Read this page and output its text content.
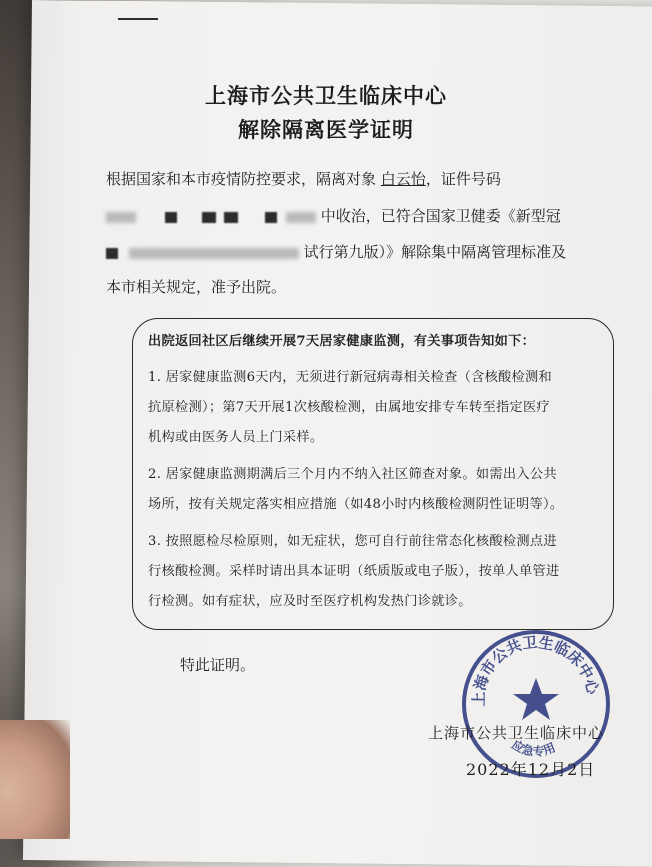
上海市公共卫生临床中心
解除隔离医学证明
根据国家和本市疫情防控要求，隔离对象 白云怡，证件号码
中收治，已符合国家卫健委《新型冠
试行第九版）》解除集中隔离管理标准及
本市相关规定，准予出院。
出院返回社区后继续开展7天居家健康监测，有关事项告知如下：
1. 居家健康监测6天内，无须进行新冠病毒相关检查（含核酸检测和
抗原检测）；第7天开展1次核酸检测，由属地安排专车转至指定医疗
机构或由医务人员上门采样。
2. 居家健康监测期满后三个月内不纳入社区筛查对象。如需出入公共
场所，按有关规定落实相应措施（如48小时内核酸检测阴性证明等）。
3. 按照愿检尽检原则，如无症状，您可自行前往常态化核酸检测点进
行核酸检测。采样时请出具本证明（纸质版或电子版），按单人单管进
行检测。如有症状，应及时至医疗机构发热门诊就诊。
特此证明。
上海市公共卫生临床中心
应急专用
上海市公共卫生临床中心
2022年12月2日
